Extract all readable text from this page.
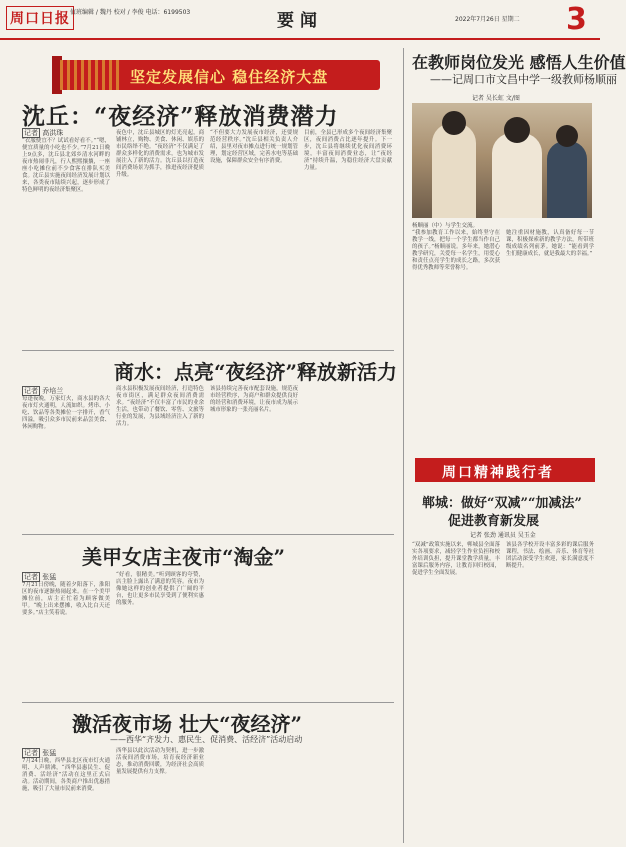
周口日报 值班编辑 / 魏丹 校对 / 李俊 电话：6199503	要闻	2022年7月26日 星期二 3
坚定发展信心 稳住经济大盘
沈丘：“夜经济”释放消费潜力
记者 高洪珠
“衣服便宜不？试试看好看不。”“嗯，便宜质量的小吃也不少。”7月21日晚上9点多，沈丘县北郊乡清水河畔的夜市热闹非凡，行人熙熙攘攘，一座座小吃摊位前不少食客在排队买美食。沈丘县实施夜间经济发展计划以来，各类夜市陆续兴起，逐步形成了特色鲜明的夜经济集聚区。
夜色中，沈丘县城区的灯光亮起，商铺林立，购物、美食、休闲、娱乐的市民络绎不绝。“夜经济”不仅满足了群众多样化的消费需求，也为城市发展注入了新的活力。沈丘县以打造夜间消费场景为抓手，推进夜经济提质升级。
“不但要大力发展夜市经济，还要规范经营秩序。”沈丘县相关负责人介绍，县里对夜市摊点进行统一规划管理，划定经营区域，完善水电等基础设施，保障群众安全有序消费。
目前，全县已形成多个夜间经济集聚区，夜间消费占比逐年提升。下一步，沈丘县将继续优化夜间消费环境，丰富夜间消费业态，让“夜经济”持续升温，为稳住经济大盘贡献力量。
商水：点亮“夜经济”释放新活力
记者 乔培兰
每逢夜晚，万家灯火，商水县的各大夜市灯火通明，人流如织。烤串、小吃、饮品等各类摊位一字排开，香气四溢，吸引众多市民前来品尝美食、休闲购物。
商水县积极发展夜间经济，打造特色夜市街区，满足群众夜间消费需求。“夜经济”不仅丰富了市民的业余生活，也带动了餐饮、零售、文旅等行业的发展，为县域经济注入了新的活力。
该县持续完善夜市配套设施，规范夜市经营秩序，为商户和群众提供良好的经营和消费环境，让夜市成为展示城市形象的一张亮丽名片。
美甲女店主夜市“淘金”
记者 张猛
7月21日傍晚，随着夕阳落下，淮阳区的夜市逐渐热闹起来。在一个美甲摊位前，店主正忙着为顾客做美甲。“晚上出来摆摊，收入比白天还要多。”店主笑着说。
“好看，很精美。”听到顾客的夸赞，店主脸上露出了满意的笑容。夜市为像她这样的创业者提供了广阔的平台，也让更多市民享受到了便利实惠的服务。
激活夜市场 壮大“夜经济”
——西华“齐发力、惠民生、促消费、活经济”活动启动
记者 张猛
7月24日晚，西华县北区夜市灯火通明、人声鼎沸，“西华县惠民生、促消费、活经济”活动在这里正式启动。活动期间，各类商户推出优惠措施，吸引了大量市民前来消费。
西华县以此次活动为契机，进一步激活夜间消费市场，培育夜经济新业态，推动消费回暖，为经济社会高质量发展提供有力支撑。
在教师岗位发光 感悟人生价值
——记周口市文昌中学一级教师杨顺丽
记者 吴长虹 文/图
杨顺丽（中）与学生交流。
“我参加教育工作以来，始终坚守在教学一线，把每一个学生都当作自己的孩子。”杨顺丽说。多年来，她潜心教学研究，关爱每一名学生，用爱心和责任点亮学生的成长之路，多次获得优秀教师等荣誉称号。
她注重因材施教，认真备好每一节课，积极探索新的教学方法，所带班级成绩名列前茅。她说：“能看到学生们健康成长，就是我最大的幸福。”
周口精神践行者
郸城：做好“双减”“加减法”
促进教育新发展
记者 张劲 通讯员 吴玉金
“双减”政策实施以来，郸城县全面落实各项要求，减轻学生作业负担和校外培训负担，提升课堂教学质量，丰富课后服务内容，让教育回归校园，促进学生全面发展。
该县各学校开设丰富多彩的课后服务课程，书法、绘画、音乐、体育等社团活动深受学生欢迎，家长满意度不断提升。
